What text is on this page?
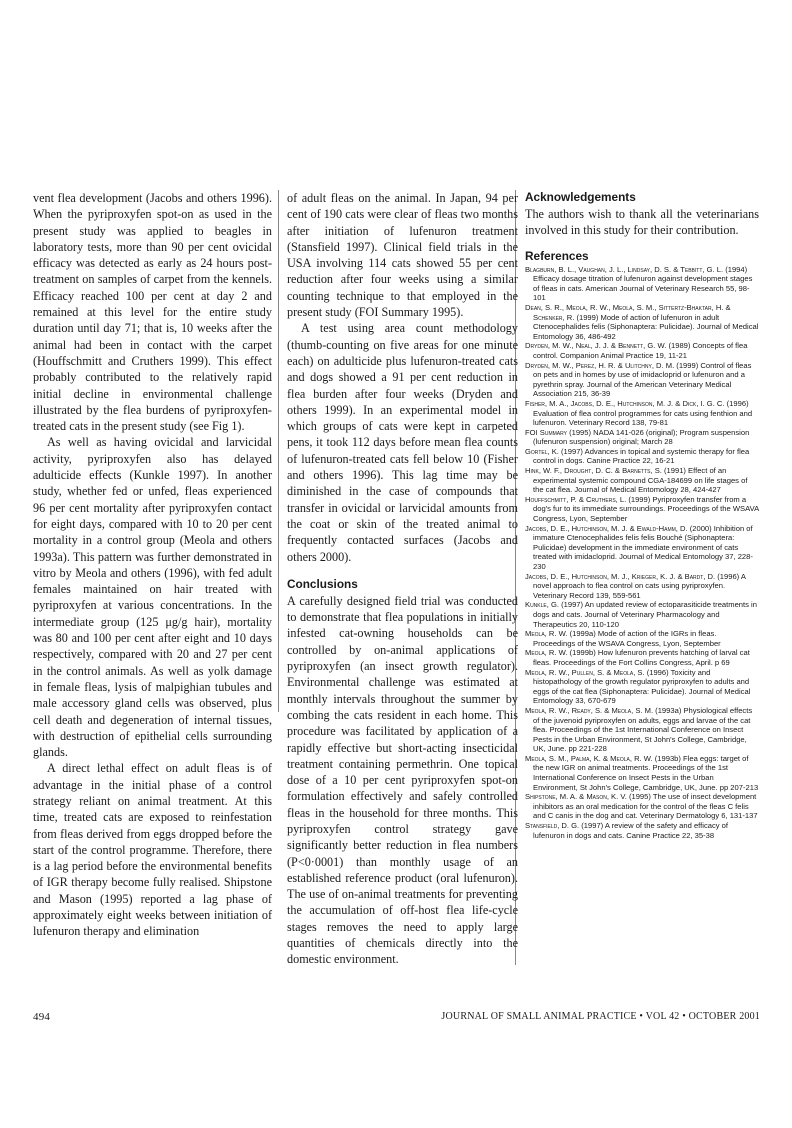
vent flea development (Jacobs and others 1996). When the pyriproxyfen spot-on as used in the present study was applied to beagles in laboratory tests, more than 90 per cent ovicidal efficacy was detected as early as 24 hours post-treatment on samples of carpet from the kennels. Efficacy reached 100 per cent at day 2 and remained at this level for the entire study duration until day 71; that is, 10 weeks after the animal had been in contact with the carpet (Houffschmitt and Cruthers 1999). This effect probably contributed to the relatively rapid initial decline in environmental challenge illustrated by the flea burdens of pyriproxyfen-treated cats in the present study (see Fig 1).

As well as having ovicidal and larvicidal activity, pyriproxyfen also has delayed adulticide effects (Kunkle 1997). In another study, whether fed or unfed, fleas experienced 96 per cent mortality after pyriproxyfen contact for eight days, compared with 10 to 20 per cent mortality in a control group (Meola and others 1993a). This pattern was further demonstrated in vitro by Meola and others (1996), with fed adult females maintained on hair treated with pyriproxyfen at various concentrations. In the intermediate group (125 μg/g hair), mortality was 80 and 100 per cent after eight and 10 days respectively, compared with 20 and 27 per cent in the control animals. As well as yolk damage in female fleas, lysis of malpighian tubules and male accessory gland cells was observed, plus cell death and degeneration of internal tissues, with destruction of epithelial cells surrounding glands.

A direct lethal effect on adult fleas is of advantage in the initial phase of a control strategy reliant on animal treatment. At this time, treated cats are exposed to reinfestation from fleas derived from eggs dropped before the start of the control programme. Therefore, there is a lag period before the environmental benefits of IGR therapy become fully realised. Shipstone and Mason (1995) reported a lag phase of approximately eight weeks between initiation of lufenuron therapy and elimination

of adult fleas on the animal. In Japan, 94 per cent of 190 cats were clear of fleas two months after initiation of lufenuron treatment (Stansfield 1997). Clinical field trials in the USA involving 114 cats showed 55 per cent reduction after four weeks using a similar counting technique to that employed in the present study (FOI Summary 1995).

A test using area count methodology (thumb-counting on five areas for one minute each) on adulticide plus lufenuron-treated cats and dogs showed a 91 per cent reduction in flea burden after four weeks (Dryden and others 1999). In an experimental model in which groups of cats were kept in carpeted pens, it took 112 days before mean flea counts of lufenuron-treated cats fell below 10 (Fisher and others 1996). This lag time may be diminished in the case of compounds that transfer in ovicidal or larvicidal amounts from the coat or skin of the treated animal to frequently contacted surfaces (Jacobs and others 2000).

Conclusions

A carefully designed field trial was conducted to demonstrate that flea populations in initially infested cat-owning households can be controlled by on-animal applications of pyriproxyfen (an insect growth regulator). Environmental challenge was estimated at monthly intervals throughout the summer by combing the cats resident in each home. This procedure was facilitated by application of a rapidly effective but short-acting insecticidal treatment containing permethrin. One topical dose of a 10 per cent pyriproxyfen spot-on formulation effectively and safely controlled fleas in the household for three months. This pyriproxyfen control strategy gave significantly better reduction in flea numbers (P<0·0001) than monthly usage of an established reference product (oral lufenuron). The use of on-animal treatments for preventing the accumulation of off-host flea life-cycle stages removes the need to apply large quantities of chemicals directly into the domestic environment.

Acknowledgements

The authors wish to thank all the veterinarians involved in this study for their contribution.

References

Blagburn, B. L., Vaughan, J. L., Lindsay, D. S. & Tebbitt, G. L. (1994) Efficacy dosage titration of lufenuron against development stages of fleas in cats. American Journal of Veterinary Research 55, 98-101

Dean, S. R., Meola, R. W., Meola, S. M., Sittertz-Bhaktar, H. & Schenker, R. (1999) Mode of action of lufenuron in adult Ctenocephalides felis (Siphonaptera: Pulicidae). Journal of Medical Entomology 36, 486-492

Dryden, M. W., Neal, J. J. & Bennett, G. W. (1989) Concepts of flea control. Companion Animal Practice 19, 11-21

Dryden, M. W., Perez, H. R. & Ulitchny, D. M. (1999) Control of fleas on pets and in homes by use of imidacloprid or lufenuron and a pyrethrin spray. Journal of the American Veterinary Medical Association 215, 36-39

Fisher, M. A., Jacobs, D. E., Hutchinson, M. J. & Dick, I. G. C. (1996) Evaluation of flea control programmes for cats using fenthion and lufenuron. Veterinary Record 138, 79-81

FOI Summary (1995) NADA 141-026 (original); Program suspension (lufenuron suspension) original; March 28

Gortel, K. (1997) Advances in topical and systemic therapy for flea control in dogs. Canine Practice 22, 16-21

Hink, W. F., Drought, D. C. & Barnetts, S. (1991) Effect of an experimental systemic compound CGA-184699 on life stages of the cat flea. Journal of Medical Entomology 28, 424-427

Houffschmitt, P. & Cruthers, L. (1999) Pyriproxyfen transfer from a dog's fur to its immediate surroundings. Proceedings of the WSAVA Congress, Lyon, September

Jacobs, D. E., Hutchinson, M. J. & Ewald-Hamm, D. (2000) Inhibition of immature Ctenocephalides felis felis Bouché (Siphonaptera: Pulicidae) development in the immediate environment of cats treated with imidacloprid. Journal of Medical Entomology 37, 228-230

Jacobs, D. E., Hutchinson, M. J., Krieger, K. J. & Bardt, D. (1996) A novel approach to flea control on cats using pyriproxyfen. Veterinary Record 139, 559-561

Kunkle, G. (1997) An updated review of ectoparasiticide treatments in dogs and cats. Journal of Veterinary Pharmacology and Therapeutics 20, 110-120

Meola, R. W. (1999a) Mode of action of the IGRs in fleas. Proceedings of the WSAVA Congress, Lyon, September

Meola, R. W. (1999b) How lufenuron prevents hatching of larval cat fleas. Proceedings of the Fort Collins Congress, April. p 69

Meola, R. W., Pullen, S. & Meola, S. (1996) Toxicity and histopathology of the growth regulator pyriproxyfen to adults and eggs of the cat flea (Siphonaptera: Pulicidae). Journal of Medical Entomology 33, 670-679

Meola, R. W., Ready, S. & Meola, S. M. (1993a) Physiological effects of the juvenoid pyriproxyfen on adults, eggs and larvae of the cat flea. Proceedings of the 1st International Conference on Insect Pests in the Urban Environment, St John's College, Cambridge, UK, June. pp 221-228

Meola, S. M., Palma, K. & Meola, R. W. (1993b) Flea eggs: target of the new IGR on animal treatments. Proceedings of the 1st International Conference on Insect Pests in the Urban Environment, St John's College, Cambridge, UK, June. pp 207-213

Shipstone, M. A. & Mason, K. V. (1995) The use of insect development inhibitors as an oral medication for the control of the fleas C felis and C canis in the dog and cat. Veterinary Dermatology 6, 131-137

Stansfield, D. G. (1997) A review of the safety and efficacy of lufenuron in dogs and cats. Canine Practice 22, 35-38

494	JOURNAL OF SMALL ANIMAL PRACTICE • VOL 42 • OCTOBER 2001
